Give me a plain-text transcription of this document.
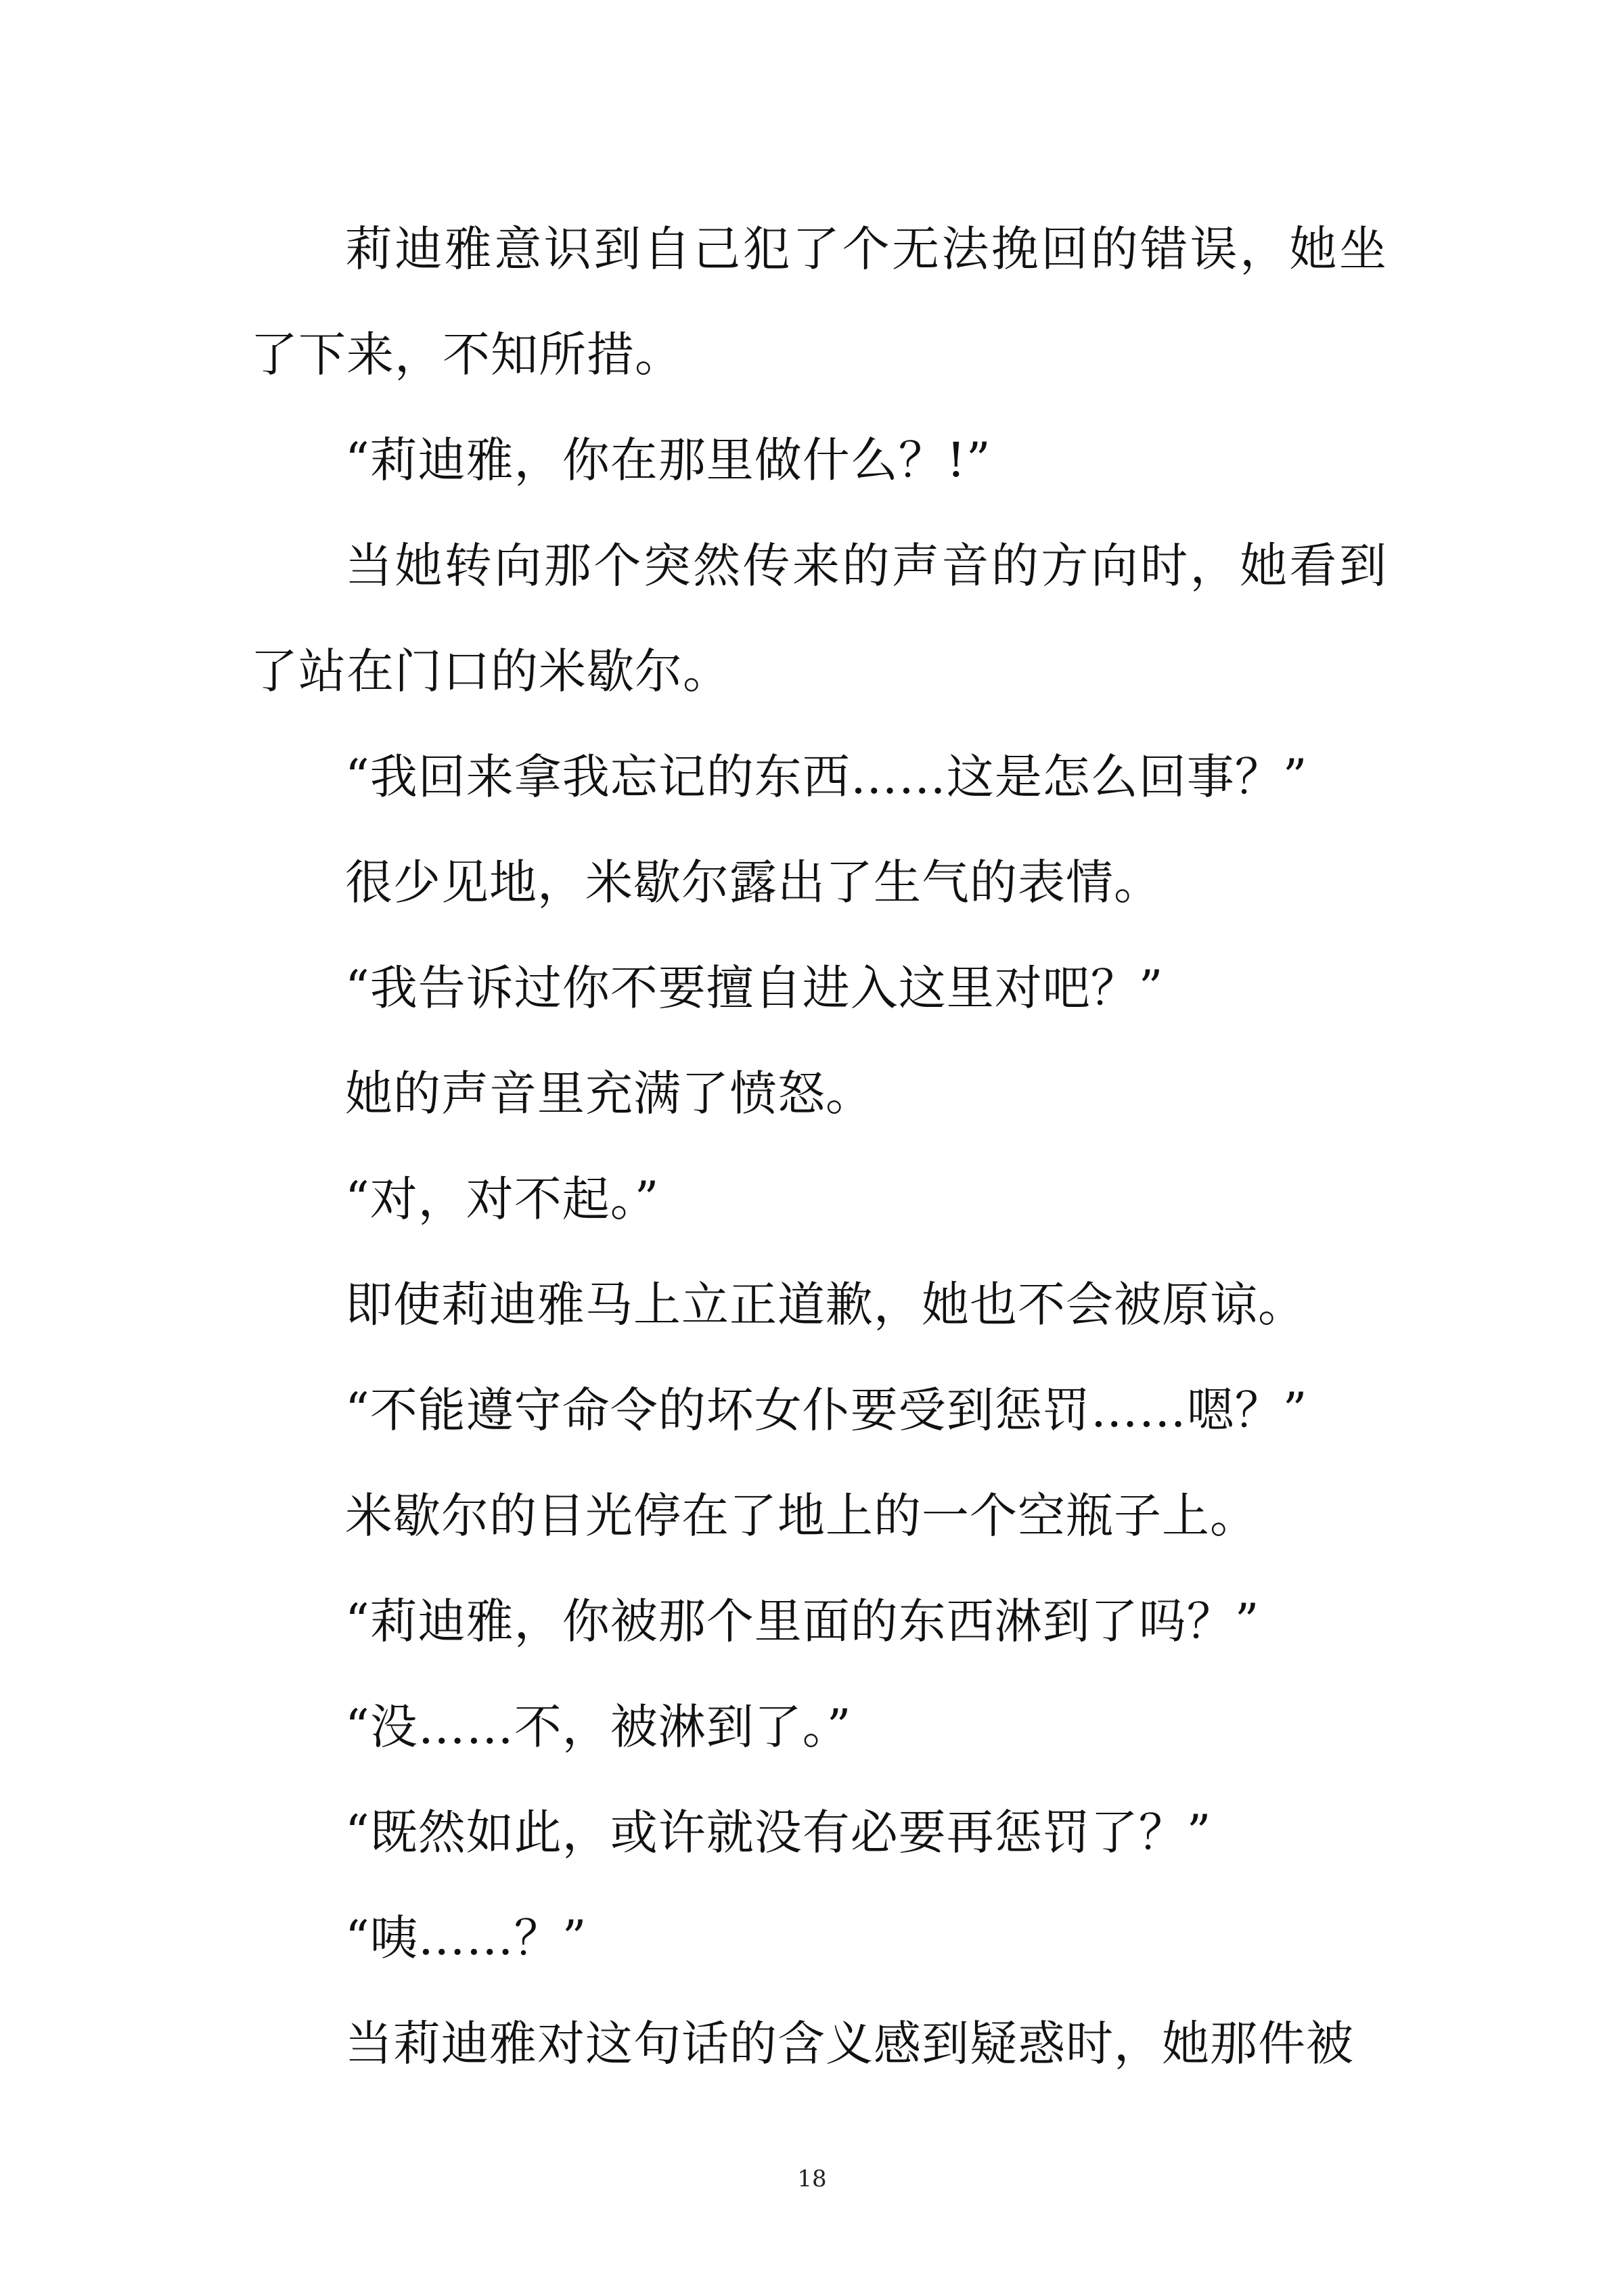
莉迪雅意识到自己犯了个无法挽回的错误，她坐了下来，不知所措。

“莉迪雅，你在那里做什么？!”

当她转向那个突然传来的声音的方向时，她看到了站在门口的米歇尔。

“我回来拿我忘记的东西……这是怎么回事？”

很少见地，米歇尔露出了生气的表情。

“我告诉过你不要擅自进入这里对吧？”

她的声音里充满了愤怒。

“对，对不起。”

即使莉迪雅马上立正道歉，她也不会被原谅。

“不能遵守命令的坏女仆要受到惩罚……嗯？”

米歇尔的目光停在了地上的一个空瓶子上。

“莉迪雅，你被那个里面的东西淋到了吗？”

“没……不，被淋到了。”

“既然如此，或许就没有必要再惩罚了？”

“咦……？”

当莉迪雅对这句话的含义感到疑惑时，她那件被

18
